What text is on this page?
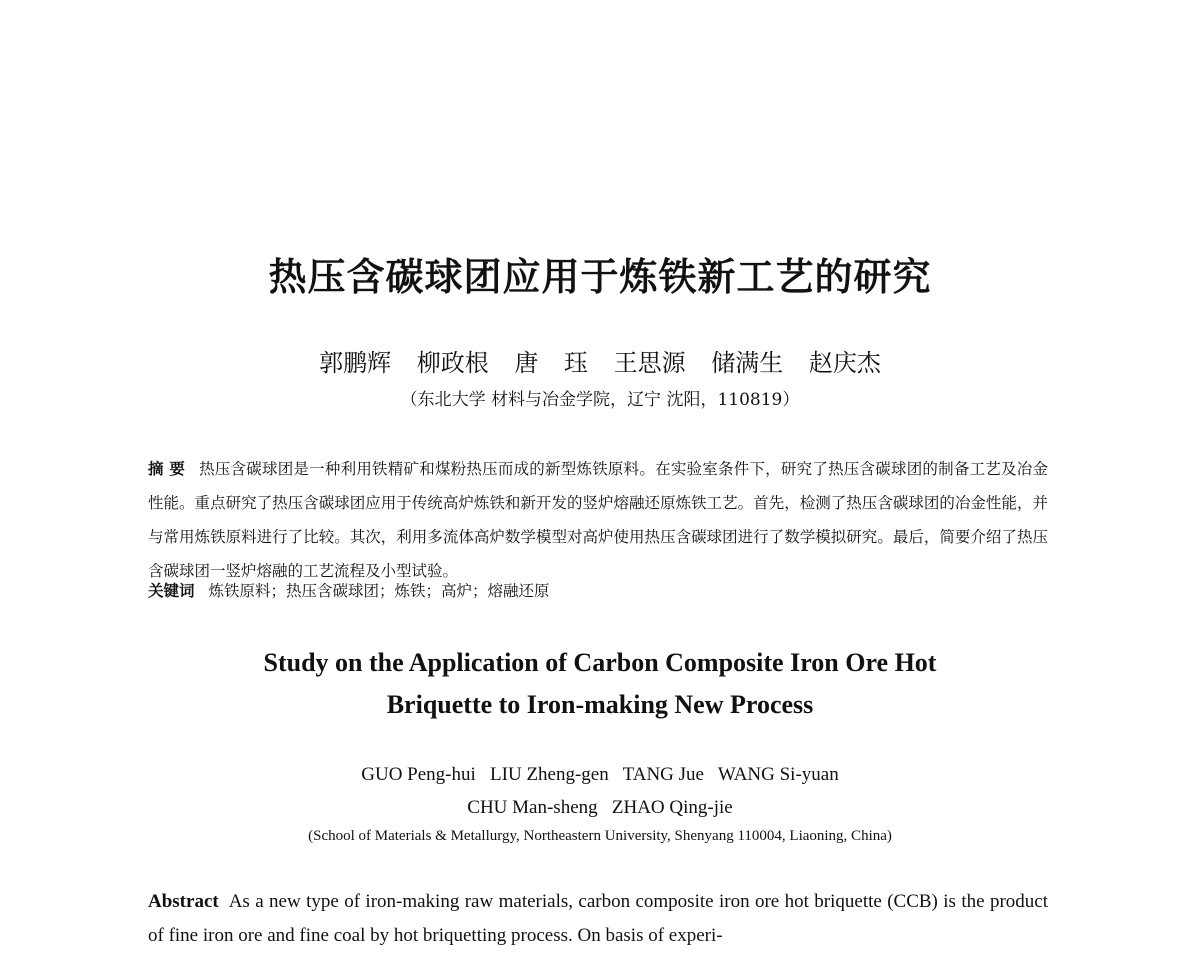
热压含碳球团应用于炼铁新工艺的研究
郭鹏辉 柳政根 唐 珏 王思源 储满生 赵庆杰
（东北大学 材料与冶金学院，辽宁 沈阳，110819）
摘 要 热压含碳球团是一种利用铁精矿和煤粉热压而成的新型炼铁原料。在实验室条件下，研究了热压含碳球团的制备工艺及冶金性能。重点研究了热压含碳球团应用于传统高炉炼铁和新开发的竖炉熔融还原炼铁工艺。首先，检测了热压含碳球团的冶金性能，并与常用炼铁原料进行了比较。其次，利用多流体高炉数学模型对高炉使用热压含碳球团进行了数学模拟研究。最后，简要介绍了热压含碳球团一竖炉熔融的工艺流程及小型试验。
关键词 炼铁原料；热压含碳球团；炼铁；高炉；熔融还原
Study on the Application of Carbon Composite Iron Ore Hot
Briquette to Iron-making New Process
GUO Peng-hui   LIU Zheng-gen   TANG Jue   WANG Si-yuan
CHU Man-sheng   ZHAO Qing-jie
(School of Materials & Metallurgy, Northeastern University, Shenyang 110004, Liaoning, China)
Abstract As a new type of iron-making raw materials, carbon composite iron ore hot briquette (CCB) is the product of fine iron ore and fine coal by hot briquetting process. On basis of experi-
